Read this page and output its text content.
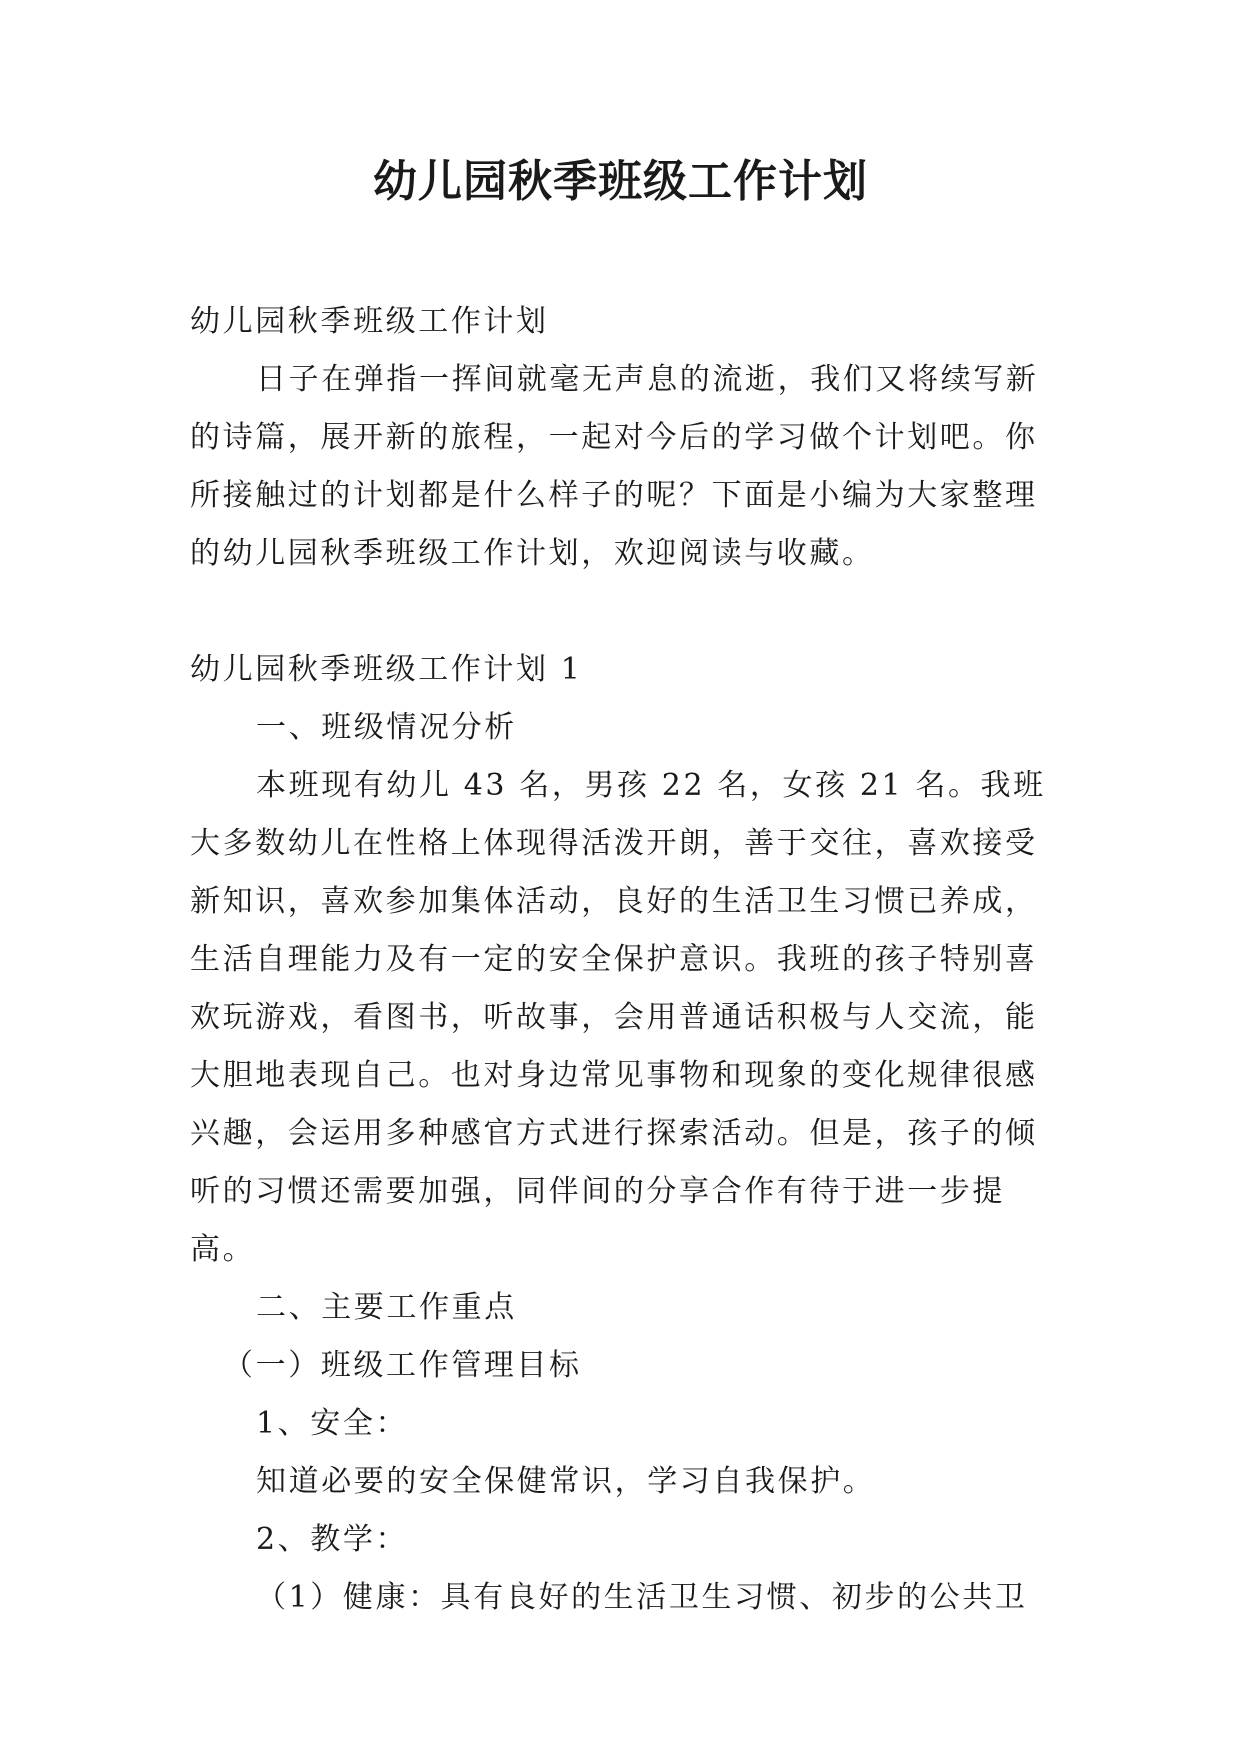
幼儿园秋季班级工作计划

幼儿园秋季班级工作计划

日子在弹指一挥间就毫无声息的流逝，我们又将续写新的诗篇，展开新的旅程，一起对今后的学习做个计划吧。你所接触过的计划都是什么样子的呢？下面是小编为大家整理的幼儿园秋季班级工作计划，欢迎阅读与收藏。

幼儿园秋季班级工作计划 1

一、班级情况分析

本班现有幼儿 43 名，男孩 22 名，女孩 21 名。我班大多数幼儿在性格上体现得活泼开朗，善于交往，喜欢接受新知识，喜欢参加集体活动，良好的生活卫生习惯已养成，生活自理能力及有一定的安全保护意识。我班的孩子特别喜欢玩游戏，看图书，听故事，会用普通话积极与人交流，能大胆地表现自己。也对身边常见事物和现象的变化规律很感兴趣，会运用多种感官方式进行探索活动。但是，孩子的倾听的习惯还需要加强，同伴间的分享合作有待于进一步提高。

二、主要工作重点

（一）班级工作管理目标

1、安全：

知道必要的安全保健常识，学习自我保护。

2、教学：

（1）健康：具有良好的生活卫生习惯、初步的公共卫
